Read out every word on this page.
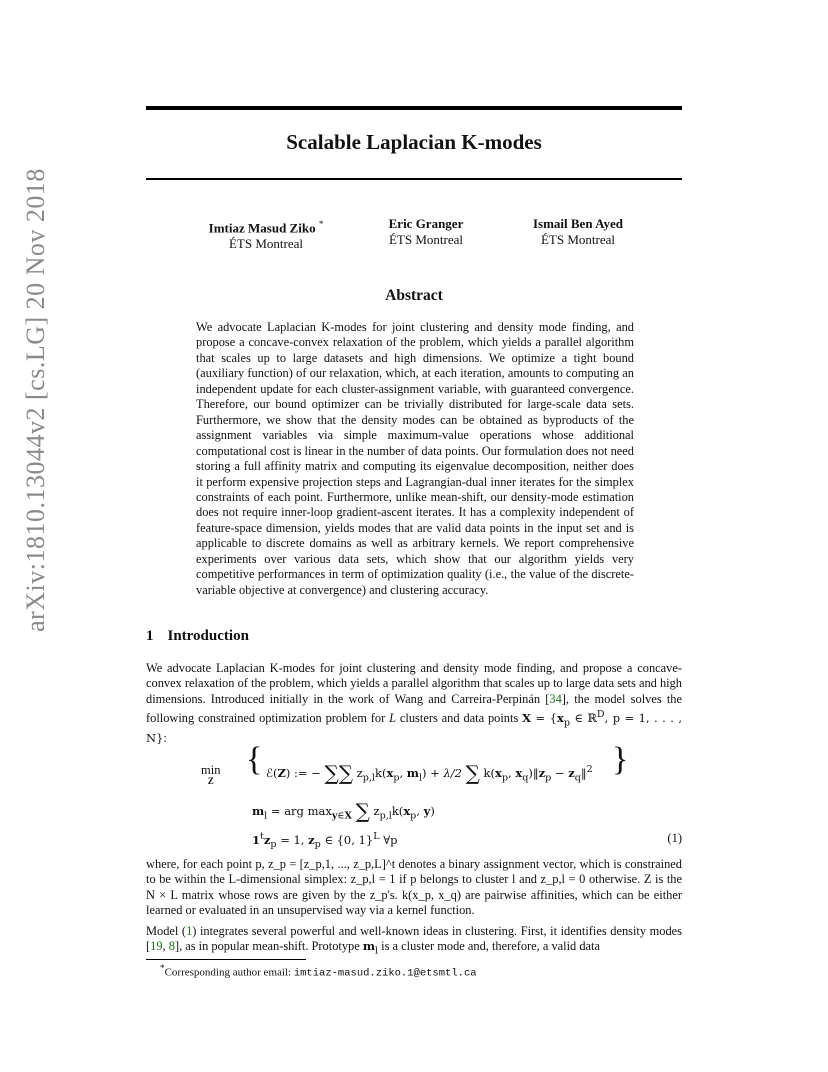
arXiv:1810.13044v2 [cs.LG] 20 Nov 2018
Scalable Laplacian K-modes
Imtiaz Masud Ziko *
ÉTS Montreal
Eric Granger
ÉTS Montreal
Ismail Ben Ayed
ÉTS Montreal
Abstract
We advocate Laplacian K-modes for joint clustering and density mode finding, and propose a concave-convex relaxation of the problem, which yields a parallel algorithm that scales up to large datasets and high dimensions. We optimize a tight bound (auxiliary function) of our relaxation, which, at each iteration, amounts to computing an independent update for each cluster-assignment variable, with guaranteed convergence. Therefore, our bound optimizer can be trivially distributed for large-scale data sets. Furthermore, we show that the density modes can be obtained as byproducts of the assignment variables via simple maximum-value operations whose additional computational cost is linear in the number of data points. Our formulation does not need storing a full affinity matrix and computing its eigenvalue decomposition, neither does it perform expensive projection steps and Lagrangian-dual inner iterates for the simplex constraints of each point. Furthermore, unlike mean-shift, our density-mode estimation does not require inner-loop gradient-ascent iterates. It has a complexity independent of feature-space dimension, yields modes that are valid data points in the input set and is applicable to discrete domains as well as arbitrary kernels. We report comprehensive experiments over various data sets, which show that our algorithm yields very competitive performances in term of optimization quality (i.e., the value of the discrete-variable objective at convergence) and clustering accuracy.
1 Introduction
We advocate Laplacian K-modes for joint clustering and density mode finding, and propose a concave-convex relaxation of the problem, which yields a parallel algorithm that scales up to large data sets and high dimensions. Introduced initially in the work of Wang and Carreira-Perpinán [34], the model solves the following constrained optimization problem for L clusters and data points $X = \{x_p$ ∈ ℝ$^D$, p = 1, . . . , N}:
min
Z
{ ℰ(Z) := − ∑∑ $z_{p,l}k(x_p$, $m_l) + \lambda/2$ ∑ $k(x_p$, $x_q)‖z_p$ − $z_q‖^2$ }
$m_l$ = arg $\max_{y\in X}$ ∑ $z_{p,l}k(x_p$, y)
$1^tz_p = 1$, $z_p$ ∈ {0, 1}$^L$ ∀p	(1)
where, for each point p, z_p = [z_p,1, ..., z_p,L]^t denotes a binary assignment vector, which is constrained to be within the L-dimensional simplex: z_p,l = 1 if p belongs to cluster l and z_p,l = 0 otherwise. Z is the N × L matrix whose rows are given by the z_p's. k(x_p, x_q) are pairwise affinities, which can be either learned or evaluated in an unsupervised way via a kernel function.
Model (1) integrates several powerful and well-known ideas in clustering. First, it identifies density modes [19, 8], as in popular mean-shift. Prototype $m_l$ is a cluster mode and, therefore, a valid data
*Corresponding author email: imtiaz-masud.ziko.1@etsmtl.ca
